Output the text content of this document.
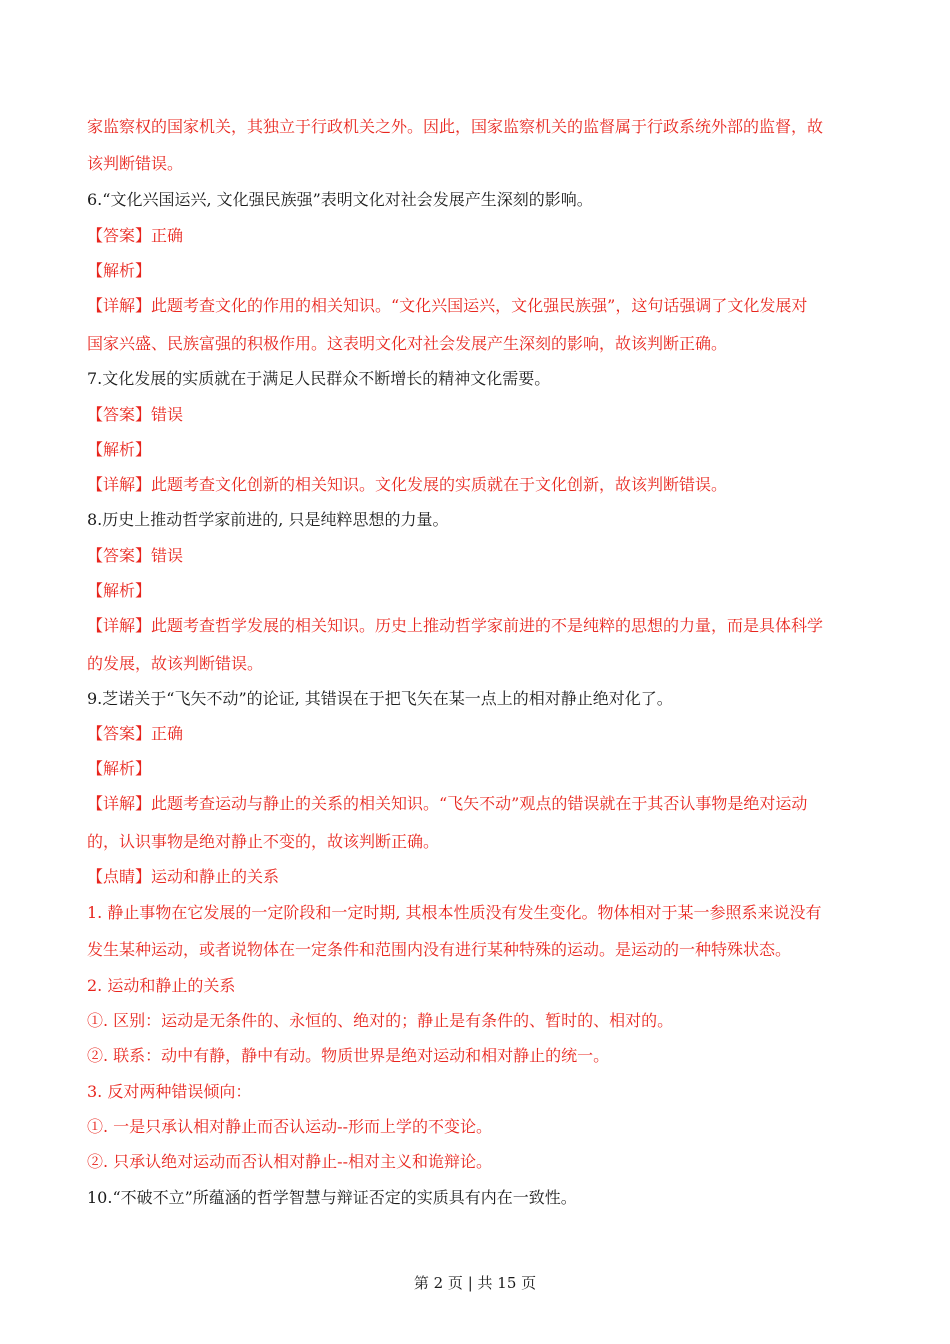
家监察权的国家机关，其独立于行政机关之外。因此，国家监察机关的监督属于行政系统外部的监督，故
该判断错误。
6.“文化兴国运兴, 文化强民族强”表明文化对社会发展产生深刻的影响。
【答案】正确
【解析】
【详解】此题考查文化的作用的相关知识。“文化兴国运兴，文化强民族强”，这句话强调了文化发展对
国家兴盛、民族富强的积极作用。这表明文化对社会发展产生深刻的影响，故该判断正确。
7.文化发展的实质就在于满足人民群众不断增长的精神文化需要。
【答案】错误
【解析】
【详解】此题考查文化创新的相关知识。文化发展的实质就在于文化创新，故该判断错误。
8.历史上推动哲学家前进的, 只是纯粹思想的力量。
【答案】错误
【解析】
【详解】此题考查哲学发展的相关知识。历史上推动哲学家前进的不是纯粹的思想的力量，而是具体科学
的发展，故该判断错误。
9.芝诺关于“飞矢不动”的论证, 其错误在于把飞矢在某一点上的相对静止绝对化了。
【答案】正确
【解析】
【详解】此题考查运动与静止的关系的相关知识。“飞矢不动”观点的错误就在于其否认事物是绝对运动
的，认识事物是绝对静止不变的，故该判断正确。
【点睛】运动和静止的关系
1. 静止事物在它发展的一定阶段和一定时期, 其根本性质没有发生变化。物体相对于某一参照系来说没有
发生某种运动，或者说物体在一定条件和范围内没有进行某种特殊的运动。是运动的一种特殊状态。
2. 运动和静止的关系
①. 区别：运动是无条件的、永恒的、绝对的；静止是有条件的、暂时的、相对的。
②. 联系：动中有静，静中有动。物质世界是绝对运动和相对静止的统一。
3. 反对两种错误倾向：
①. 一是只承认相对静止而否认运动--形而上学的不变论。
②. 只承认绝对运动而否认相对静止--相对主义和诡辩论。
10.“不破不立”所蕴涵的哲学智慧与辩证否定的实质具有内在一致性。
第 2 页 | 共 15 页
